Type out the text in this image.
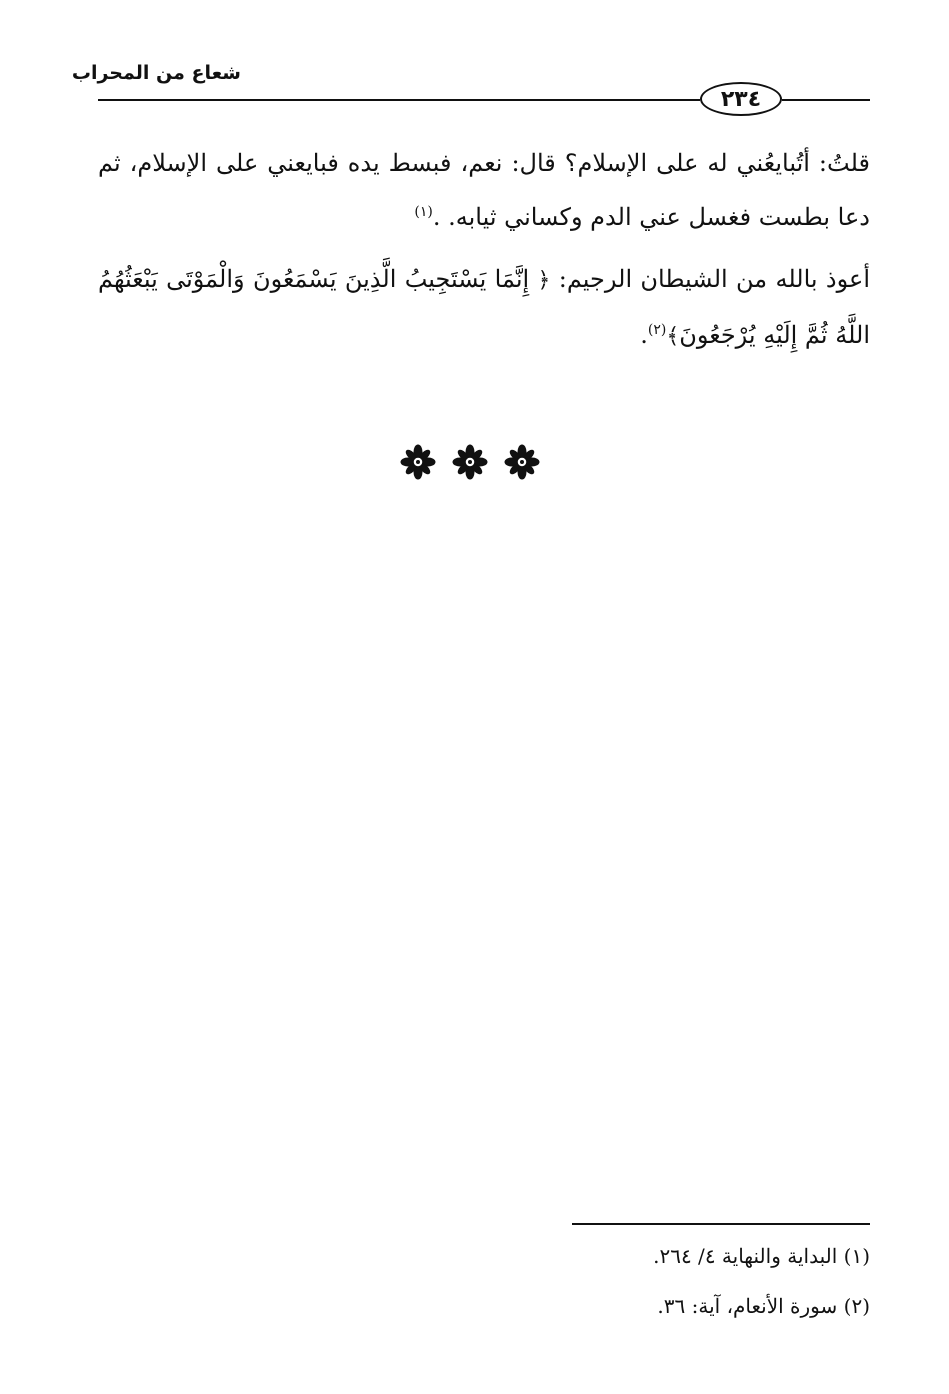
شعاع من المحراب
٢٣٤

قلتُ: أتُبايعُني له على الإسلام؟ قال: نعم، فبسط يده فبايعني على الإسلام، ثم دعا بطست فغسل عني الدم وكساني ثيابه. .$^{(١)}$

أعوذ بالله من الشيطان الرجيم: ﴿ إِنَّمَا يَسْتَجِيبُ الَّذِينَ يَسْمَعُونَ وَالْمَوْتَى يَبْعَثُهُمُ اللَّهُ ثُمَّ إِلَيْهِ يُرْجَعُونَ﴾$^{(٢)}$.

(١) البداية والنهاية ٤/ ٢٦٤.
(٢) سورة الأنعام، آية: ٣٦.
